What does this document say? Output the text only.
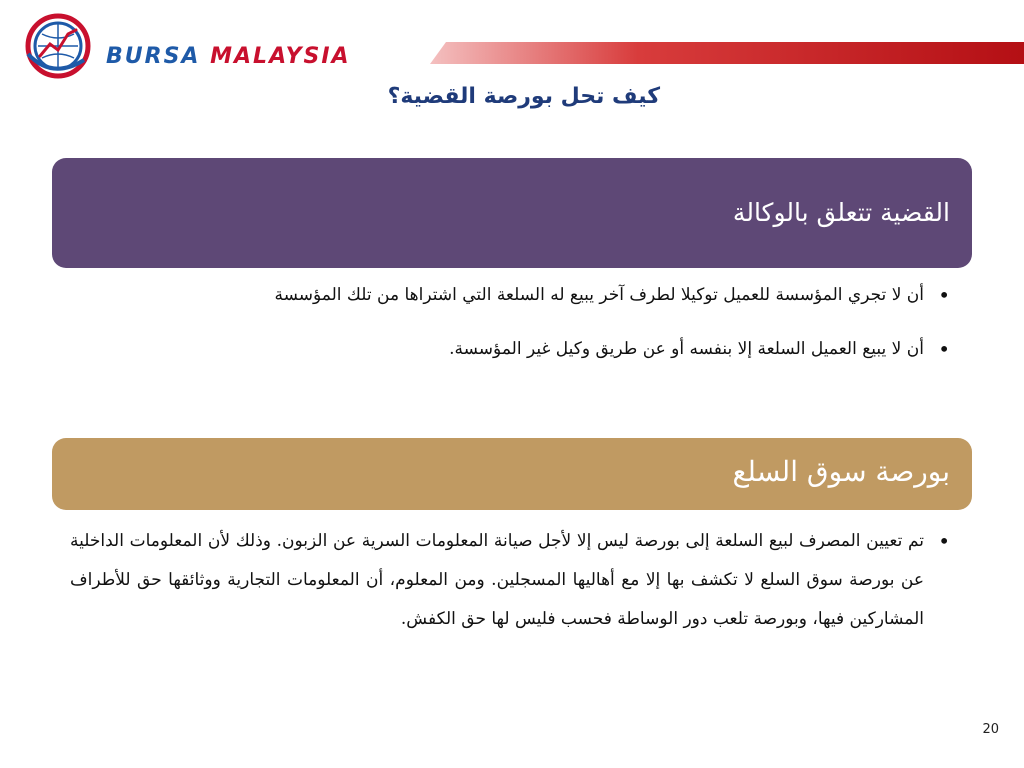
BURSA MALAYSIA
كيف تحل بورصة القضية؟
القضية تتعلق بالوكالة
• أن لا تجري المؤسسة للعميل توكيلا لطرف آخر يبيع له السلعة التي اشتراها من تلك المؤسسة
• أن لا يبيع العميل السلعة إلا بنفسه أو عن طريق وكيل غير المؤسسة.
بورصة سوق السلع
• تم تعيين المصرف لبيع السلعة إلى بورصة ليس إلا لأجل صيانة المعلومات السرية عن الزبون. وذلك لأن المعلومات الداخلية عن بورصة سوق السلع لا تكشف بها إلا مع أهاليها المسجلين. ومن المعلوم، أن المعلومات التجارية ووثائقها حق للأطراف المشاركين فيها، وبورصة تلعب دور الوساطة فحسب فليس لها حق الكفش.
20
